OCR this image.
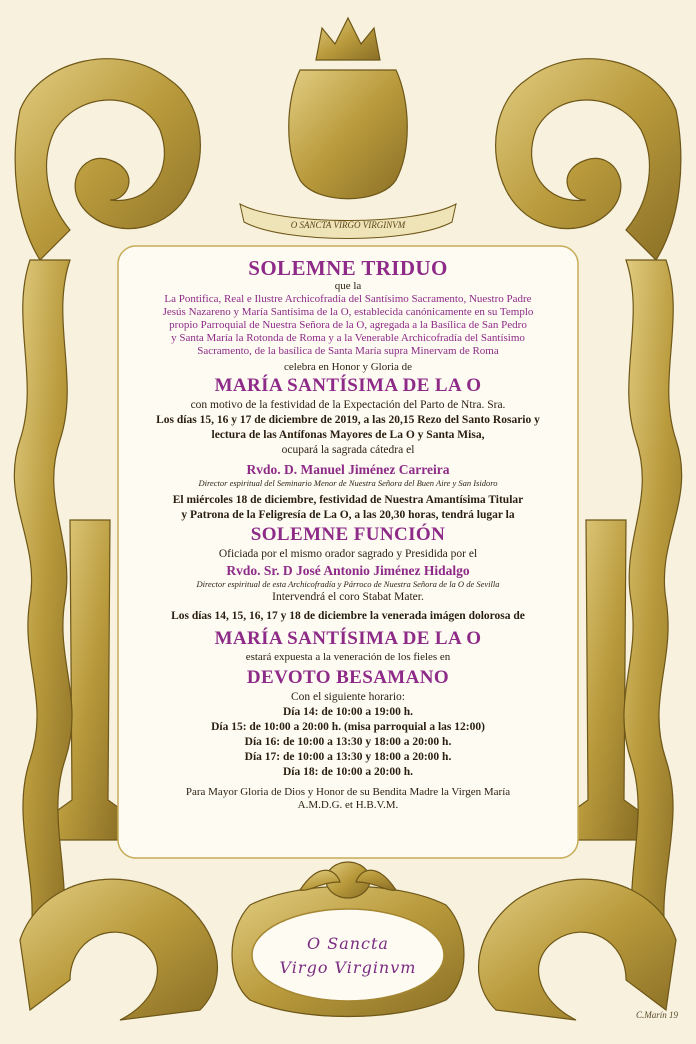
O SANCTA VIRGO VIRGINVM

SOLEMNE TRIDUO

que la

La Pontifica, Real e Ilustre Archicofradía del Santísimo Sacramento, Nuestro Padre
Jesús Nazareno y María Santísima de la O, establecida canónicamente en su Templo
propio Parroquial de Nuestra Señora de la O, agregada a la Basílica de San Pedro
y Santa María la Rotonda de Roma y a la Venerable Archicofradía del Santísimo
Sacramento, de la basílica de Santa María supra Minervam de Roma

celebra en Honor y Gloria de

MARÍA SANTÍSIMA DE LA O

con motivo de la festividad de la Expectación del Parto de Ntra. Sra.

Los días 15, 16 y 17 de diciembre de 2019, a las 20,15 Rezo del Santo Rosario y
lectura de las Antífonas Mayores de La O y Santa Misa,

ocupará la sagrada cátedra el

Rvdo. D. Manuel Jiménez Carreira

Director espiritual del Seminario Menor de Nuestra Señora del Buen Aire y San Isidoro

El miércoles 18 de diciembre, festividad de Nuestra Amantísima Titular
y Patrona de la Feligresía de La O, a las 20,30 horas, tendrá lugar la

SOLEMNE FUNCIÓN

Oficiada por el mismo orador sagrado y Presidida por el

Rvdo. Sr. D José Antonio Jiménez Hidalgo

Director espiritual de esta Archicofradía y Párroco de Nuestra Señora de la O de Sevilla

Intervendrá el coro Stabat Mater.

Los días 14, 15, 16, 17 y 18 de diciembre la venerada imágen dolorosa de

MARÍA SANTÍSIMA DE LA O

estará expuesta a la veneración de los fieles en

DEVOTO BESAMANO

Con el siguiente horario:

Día 14: de 10:00 a 19:00 h.
Día 15: de 10:00 a 20:00 h. (misa parroquial a las 12:00)
Día 16: de 10:00 a 13:30 y 18:00 a 20:00 h.
Día 17: de 10:00 a 13:30 y 18:00 a 20:00 h.
Día 18: de 10:00 a 20:00 h.

Para Mayor Gloria de Dios y Honor de su Bendita Madre la Virgen María

A.M.D.G. et H.B.V.M.

O Sancta
Virgo Virginvm
C.Marín 19
